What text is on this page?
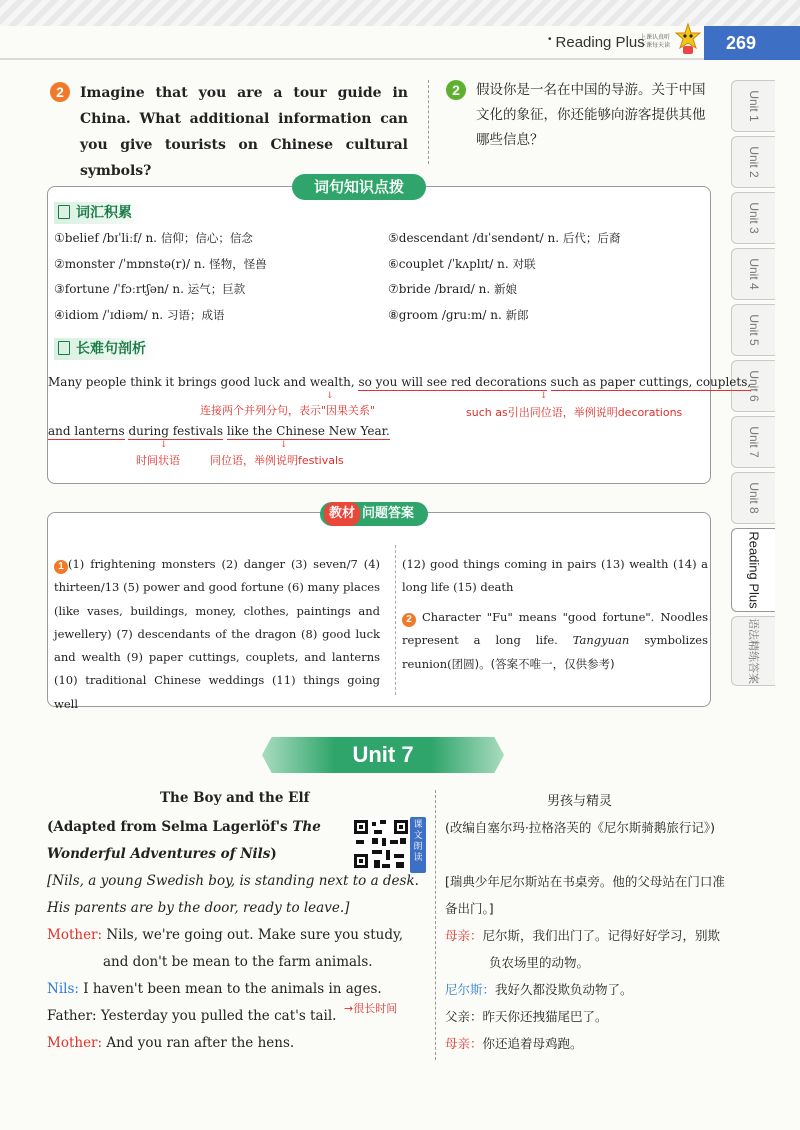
• Reading Plus
上课认真听
下课每天读	269
Unit 1
Unit 2
Unit 3
Unit 4
Unit 5
Unit 6
Unit 7
Unit 8
Reading Plus
语法精练答案
2	Imagine that you are a tour guide in China. What additional information can you give tourists on Chinese cultural symbols?
2	假设你是一名在中国的导游。关于中国文化的象征，你还能够向游客提供其他哪些信息？
词句知识点拨
词汇积累
①belief /bɪˈliːf/ n. 信仰；信心；信念
②monster /ˈmɒnstə(r)/ n. 怪物，怪兽
③fortune /ˈfɔːrtʃən/ n. 运气；巨款
④idiom /ˈɪdiəm/ n. 习语；成语
⑤descendant /dɪˈsendənt/ n. 后代；后裔
⑥couplet /ˈkʌplɪt/ n. 对联
⑦bride /braɪd/ n. 新娘
⑧groom /ɡruːm/ n. 新郎
长难句剖析
Many people think it brings good luck and wealth, so you will see red decorations such as paper cuttings, couplets,
↓	↓
连接两个并列分句，表示"因果关系"	such as引出同位语，举例说明decorations
and lanterns during festivals like the Chinese New Year.
↓	↓
时间状语	同位语，举例说明festivals
教材 问题答案
1 (1) frightening monsters (2) danger (3) seven/7 (4) thirteen/13 (5) power and good fortune (6) many places (like vases, buildings, money, clothes, paintings and jewellery) (7) descendants of the dragon (8) good luck and wealth (9) paper cuttings, couplets, and lanterns (10) traditional Chinese weddings (11) things going well
(12) good things coming in pairs (13) wealth (14) a long life (15) death
2 Character "Fu" means "good fortune". Noodles represent a long life. Tangyuan symbolizes reunion(团圆)。(答案不唯一，仅供参考)
Unit 7
The Boy and the Elf	男孩与精灵
(Adapted from Selma Lagerlöf's The Wonderful Adventures of Nils)
课文朗读
[Nils, a young Swedish boy, is standing next to a desk. His parents are by the door, ready to leave.]
Mother: Nils, we're going out. Make sure you study, and don't be mean to the farm animals.
Nils: I haven't been mean to the animals in ages.
→很长时间
Father: Yesterday you pulled the cat's tail.
Mother: And you ran after the hens.
(改编自塞尔玛·拉格洛芙的《尼尔斯骑鹅旅行记》)
[瑞典少年尼尔斯站在书桌旁。他的父母站在门口准备出门。]
母亲：尼尔斯，我们出门了。记得好好学习，别欺负农场里的动物。
尼尔斯：我好久都没欺负动物了。
父亲：昨天你还拽猫尾巴了。
母亲：你还追着母鸡跑。
